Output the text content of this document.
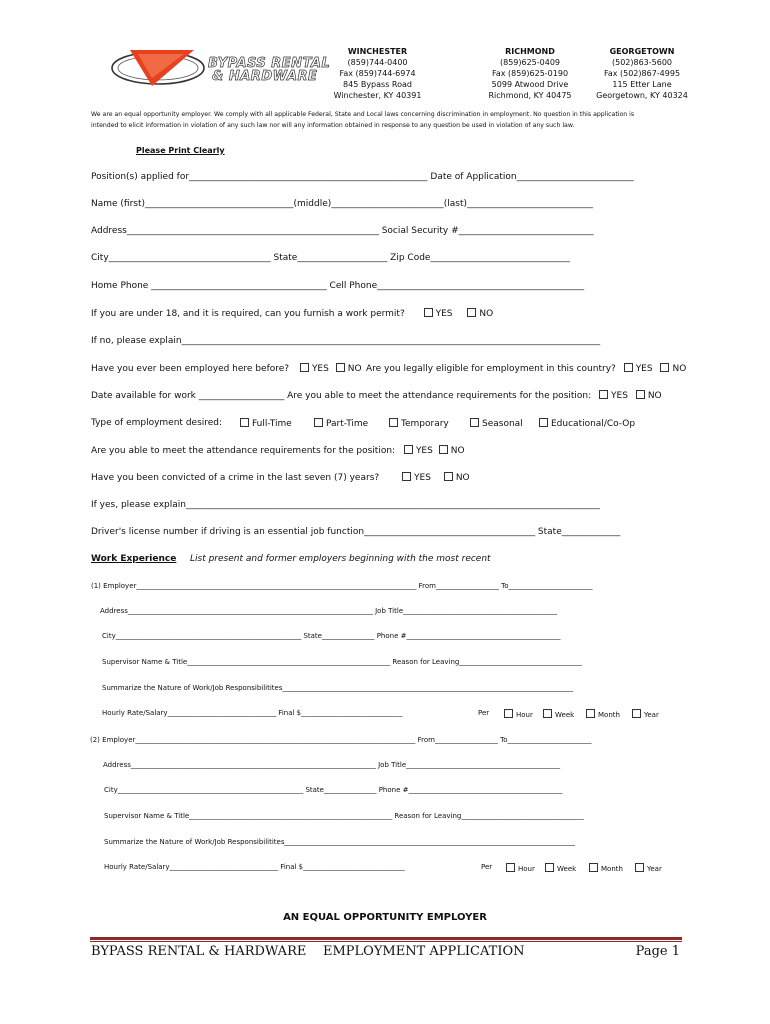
BYPASS RENTAL
& HARDWARE
WINCHESTER
(859)744-0400
Fax (859)744-6974
845 Bypass Road
Winchester, KY 40391
RICHMOND
(859)625-0409
Fax (859)625-0190
5099 Atwood Drive
Richmond, KY 40475
GEORGETOWN
(502)863-5600
Fax (502)867-4995
115 Etter Lane
Georgetown, KY 40324
We are an equal opportunity employer. We comply with all applicable Federal, State and Local laws concerning discrimination in employment. No question in this application is
intended to elicit information in violation of any such law nor will any information obtained in response to any question be used in violation of any such law.
Please Print Clearly
Position(s) applied for_____________________________________________________ Date of Application__________________________
Name (first)_________________________________(middle)_________________________(last)____________________________
Address________________________________________________________ Social Security #______________________________
City____________________________________ State____________________ Zip Code_______________________________
Home Phone _______________________________________ Cell Phone______________________________________________
If you are under 18, and it is required, can you furnish a work permit?	YES	NO
If no, please explain_____________________________________________________________________________________________
Have you ever been employed here before?	YES NO Are you legally eligible for employment in this country? YES NO
Date available for work ___________________ Are you able to meet the attendance requirements for the position: YES NO
Type of employment desired:	Full-Time	Part-Time	Temporary	Seasonal	Educational/Co-Op
Are you able to meet the attendance requirements for the position: YES NO
Have you been convicted of a crime in the last seven (7) years?	YES	NO
If yes, please explain____________________________________________________________________________________________
Driver's license number if driving is an essential job function______________________________________ State_____________
Work Experience List present and former employers beginning with the most recent
(1) Employer________________________________________________________________________________ From__________________ To________________________
Address______________________________________________________________________ Job Title____________________________________________
City_____________________________________________________ State_______________ Phone #____________________________________________
Supervisor Name & Title__________________________________________________________ Reason for Leaving___________________________________
Summarize the Nature of Work/Job Responsibilitites___________________________________________________________________________________
Hourly Rate/Salary_______________________________ Final $_____________________________	Per	Hour	Week	Month	Year
(2) Employer________________________________________________________________________________ From__________________ To________________________
Address______________________________________________________________________ Job Title____________________________________________
City_____________________________________________________ State_______________ Phone #____________________________________________
Supervisor Name & Title__________________________________________________________ Reason for Leaving___________________________________
Summarize the Nature of Work/Job Responsibilitites___________________________________________________________________________________
Hourly Rate/Salary_______________________________ Final $_____________________________	Per	Hour	Week	Month	Year
AN EQUAL OPPORTUNITY EMPLOYER
BYPASS RENTAL & HARDWARE EMPLOYMENT APPLICATION	Page 1
